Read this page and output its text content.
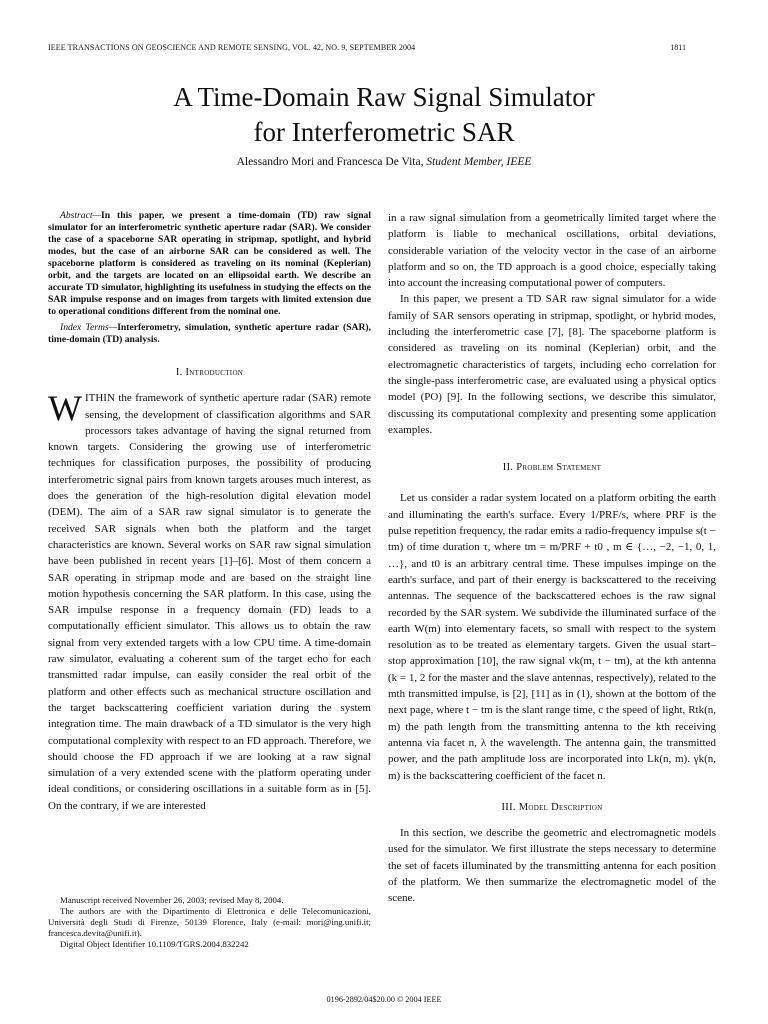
IEEE TRANSACTIONS ON GEOSCIENCE AND REMOTE SENSING, VOL. 42, NO. 9, SEPTEMBER 2004	1811
A Time-Domain Raw Signal Simulator
for Interferometric SAR
Alessandro Mori and Francesca De Vita, Student Member, IEEE

Abstract—In this paper, we present a time-domain (TD) raw signal simulator for an interferometric synthetic aperture radar (SAR). We consider the case of a spaceborne SAR operating in stripmap, spotlight, and hybrid modes, but the case of an airborne SAR can be considered as well. The spaceborne platform is considered as traveling on its nominal (Keplerian) orbit, and the targets are located on an ellipsoidal earth. We describe an accurate TD simulator, highlighting its usefulness in studying the effects on the SAR impulse response and on images from targets with limited extension due to operational conditions different from the nominal one.

Index Terms—Interferometry, simulation, synthetic aperture radar (SAR), time-domain (TD) analysis.

I. Introduction

WITHIN the framework of synthetic aperture radar (SAR) remote sensing, the development of classification algorithms and SAR processors takes advantage of having the signal returned from known targets. Considering the growing use of interferometric techniques for classification purposes, the possibility of producing interferometric signal pairs from known targets arouses much interest, as does the generation of the high-resolution digital elevation model (DEM). The aim of a SAR raw signal simulator is to generate the received SAR signals when both the platform and the target characteristics are known. Several works on SAR raw signal simulation have been published in recent years [1]–[6]. Most of them concern a SAR operating in stripmap mode and are based on the straight line motion hypothesis concerning the SAR platform. In this case, using the SAR impulse response in a frequency domain (FD) leads to a computationally efficient simulator. This allows us to obtain the raw signal from very extended targets with a low CPU time. A time-domain raw simulator, evaluating a coherent sum of the target echo for each transmitted radar impulse, can easily consider the real orbit of the platform and other effects such as mechanical structure oscillation and the target backscattering coefficient variation during the system integration time. The main drawback of a TD simulator is the very high computational complexity with respect to an FD approach. Therefore, we should choose the FD approach if we are looking at a raw signal simulation of a very extended scene with the platform operating under ideal conditions, or considering oscillations in a suitable form as in [5]. On the contrary, if we are interested

in a raw signal simulation from a geometrically limited target where the platform is liable to mechanical oscillations, orbital deviations, considerable variation of the velocity vector in the case of an airborne platform and so on, the TD approach is a good choice, especially taking into account the increasing computational power of computers.

In this paper, we present a TD SAR raw signal simulator for a wide family of SAR sensors operating in stripmap, spotlight, or hybrid modes, including the interferometric case [7], [8]. The spaceborne platform is considered as traveling on its nominal (Keplerian) orbit, and the electromagnetic characteristics of targets, including echo correlation for the single-pass interferometric case, are evaluated using a physical optics model (PO) [9]. In the following sections, we describe this simulator, discussing its computational complexity and presenting some application examples.

II. Problem Statement

Let us consider a radar system located on a platform orbiting the earth and illuminating the earth's surface. Every 1/PRF/s, where PRF is the pulse repetition frequency, the radar emits a radio-frequency impulse s(t − tm) of time duration τ, where tm = m/PRF + t0 , m ∈ {…, −2, −1, 0, 1, …}, and t0 is an arbitrary central time. These impulses impinge on the earth's surface, and part of their energy is backscattered to the receiving antennas. The sequence of the backscattered echoes is the raw signal recorded by the SAR system. We subdivide the illuminated surface of the earth W(m) into elementary facets, so small with respect to the system resolution as to be treated as elementary targets. Given the usual start–stop approximation [10], the raw signal vk(m, t − tm), at the kth antenna (k = 1, 2 for the master and the slave antennas, respectively), related to the mth transmitted impulse, is [2], [11] as in (1), shown at the bottom of the next page, where t − tm is the slant range time, c the speed of light, Rtk(n, m) the path length from the transmitting antenna to the kth receiving antenna via facet n, λ the wavelength. The antenna gain, the transmitted power, and the path amplitude loss are incorporated into Lk(n, m). γk(n, m) is the backscattering coefficient of the facet n.

III. Model Description

In this section, we describe the geometric and electromagnetic models used for the simulator. We first illustrate the steps necessary to determine the set of facets illuminated by the transmitting antenna for each position of the platform. We then summarize the electromagnetic model of the scene.

Manuscript received November 26, 2003; revised May 8, 2004.

The authors are with the Dipartimento di Elettronica e delle Telecomunicazioni, Università degli Studi di Firenze, 50139 Florence, Italy (e-mail: mori@ing.unifi.it; francesca.devita@unifi.it).

Digital Object Identifier 10.1109/TGRS.2004.832242

0196-2892/04$20.00 © 2004 IEEE
